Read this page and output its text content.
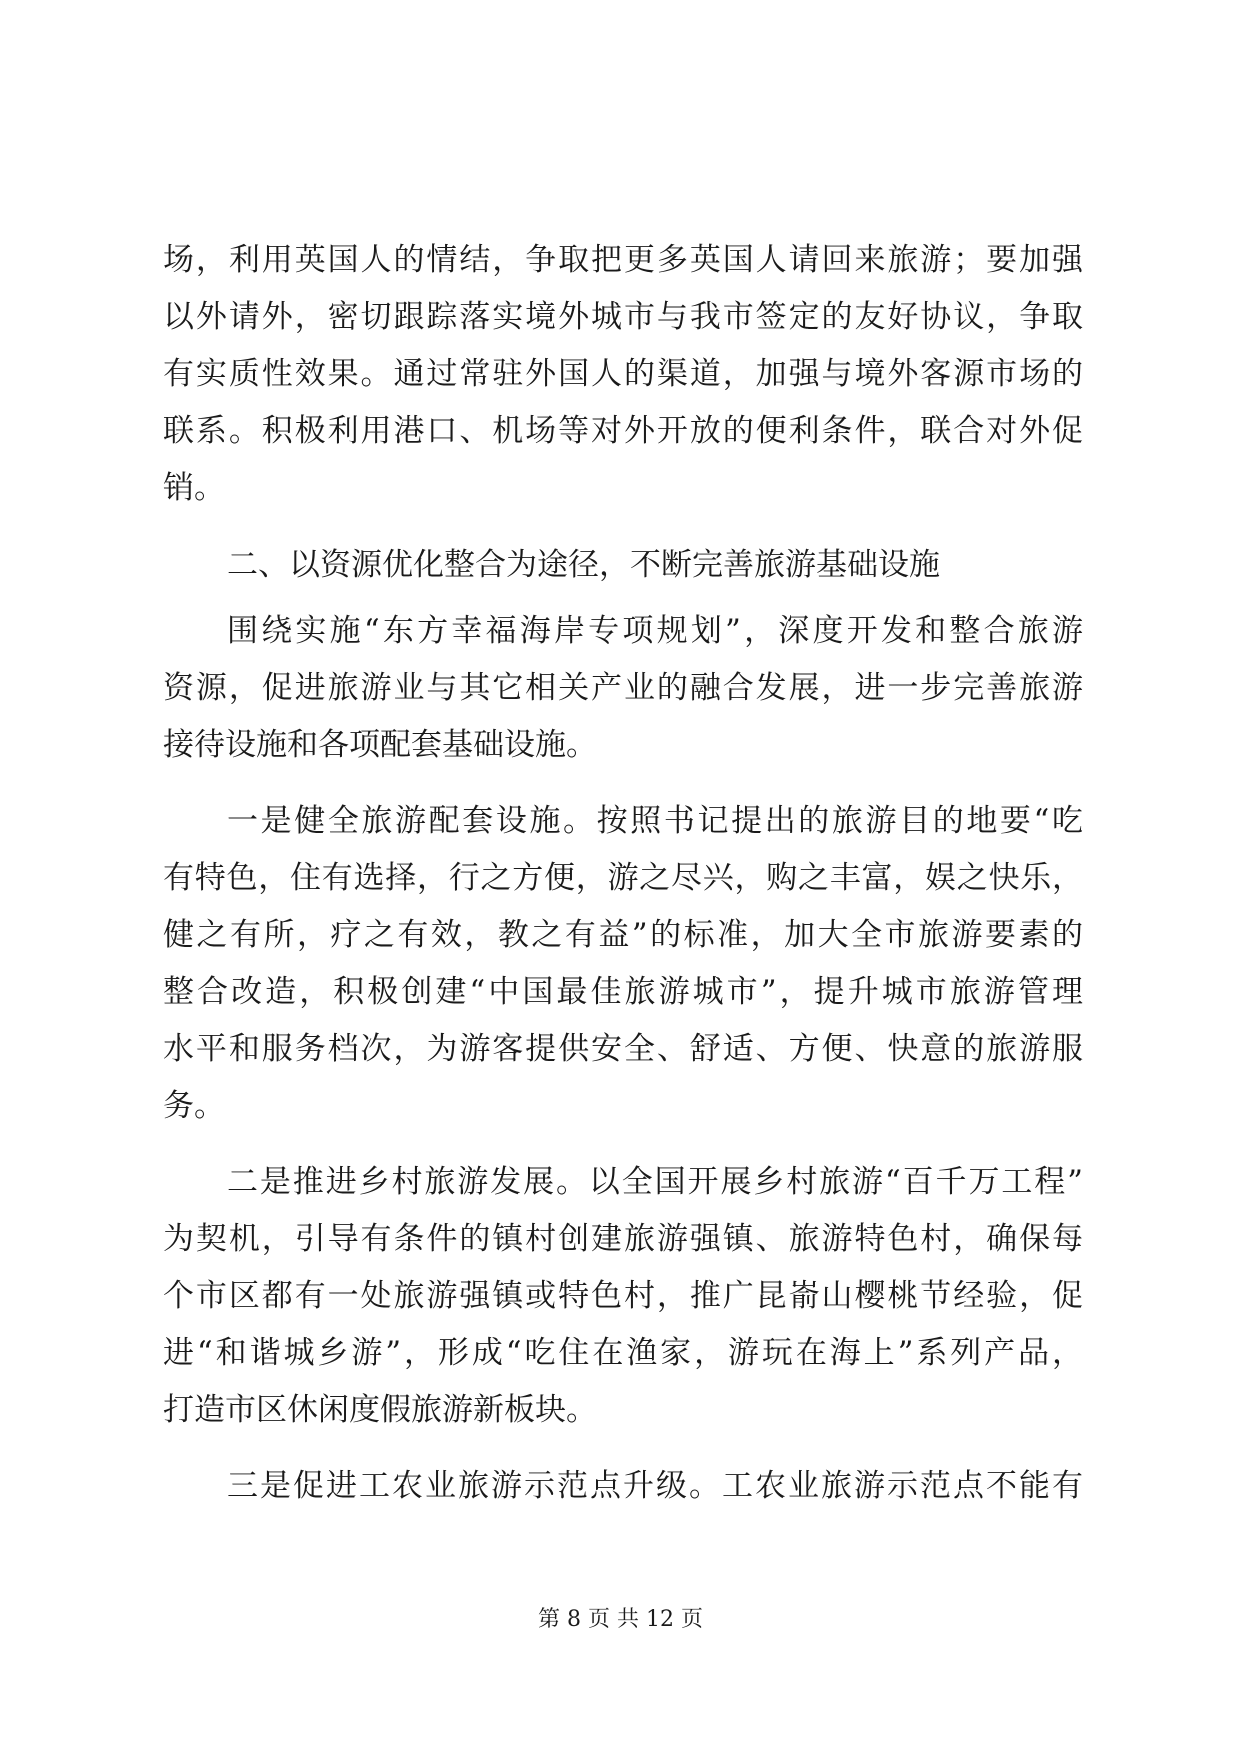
场，利用英国人的情结，争取把更多英国人请回来旅游；要加强
以外请外，密切跟踪落实境外城市与我市签定的友好协议，争取
有实质性效果。通过常驻外国人的渠道，加强与境外客源市场的
联系。积极利用港口、机场等对外开放的便利条件，联合对外促
销。
二、以资源优化整合为途径，不断完善旅游基础设施
围绕实施“东方幸福海岸专项规划”，深度开发和整合旅游
资源，促进旅游业与其它相关产业的融合发展，进一步完善旅游
接待设施和各项配套基础设施。
一是健全旅游配套设施。按照书记提出的旅游目的地要“吃
有特色，住有选择，行之方便，游之尽兴，购之丰富，娱之快乐，
健之有所，疗之有效，教之有益”的标准，加大全市旅游要素的
整合改造，积极创建“中国最佳旅游城市”，提升城市旅游管理
水平和服务档次，为游客提供安全、舒适、方便、快意的旅游服
务。
二是推进乡村旅游发展。以全国开展乡村旅游“百千万工程”
为契机，引导有条件的镇村创建旅游强镇、旅游特色村，确保每
个市区都有一处旅游强镇或特色村，推广昆嵛山樱桃节经验，促
进“和谐城乡游”，形成“吃住在渔家，游玩在海上”系列产品，
打造市区休闲度假旅游新板块。
三是促进工农业旅游示范点升级。工农业旅游示范点不能有
第 8 页 共 12 页
